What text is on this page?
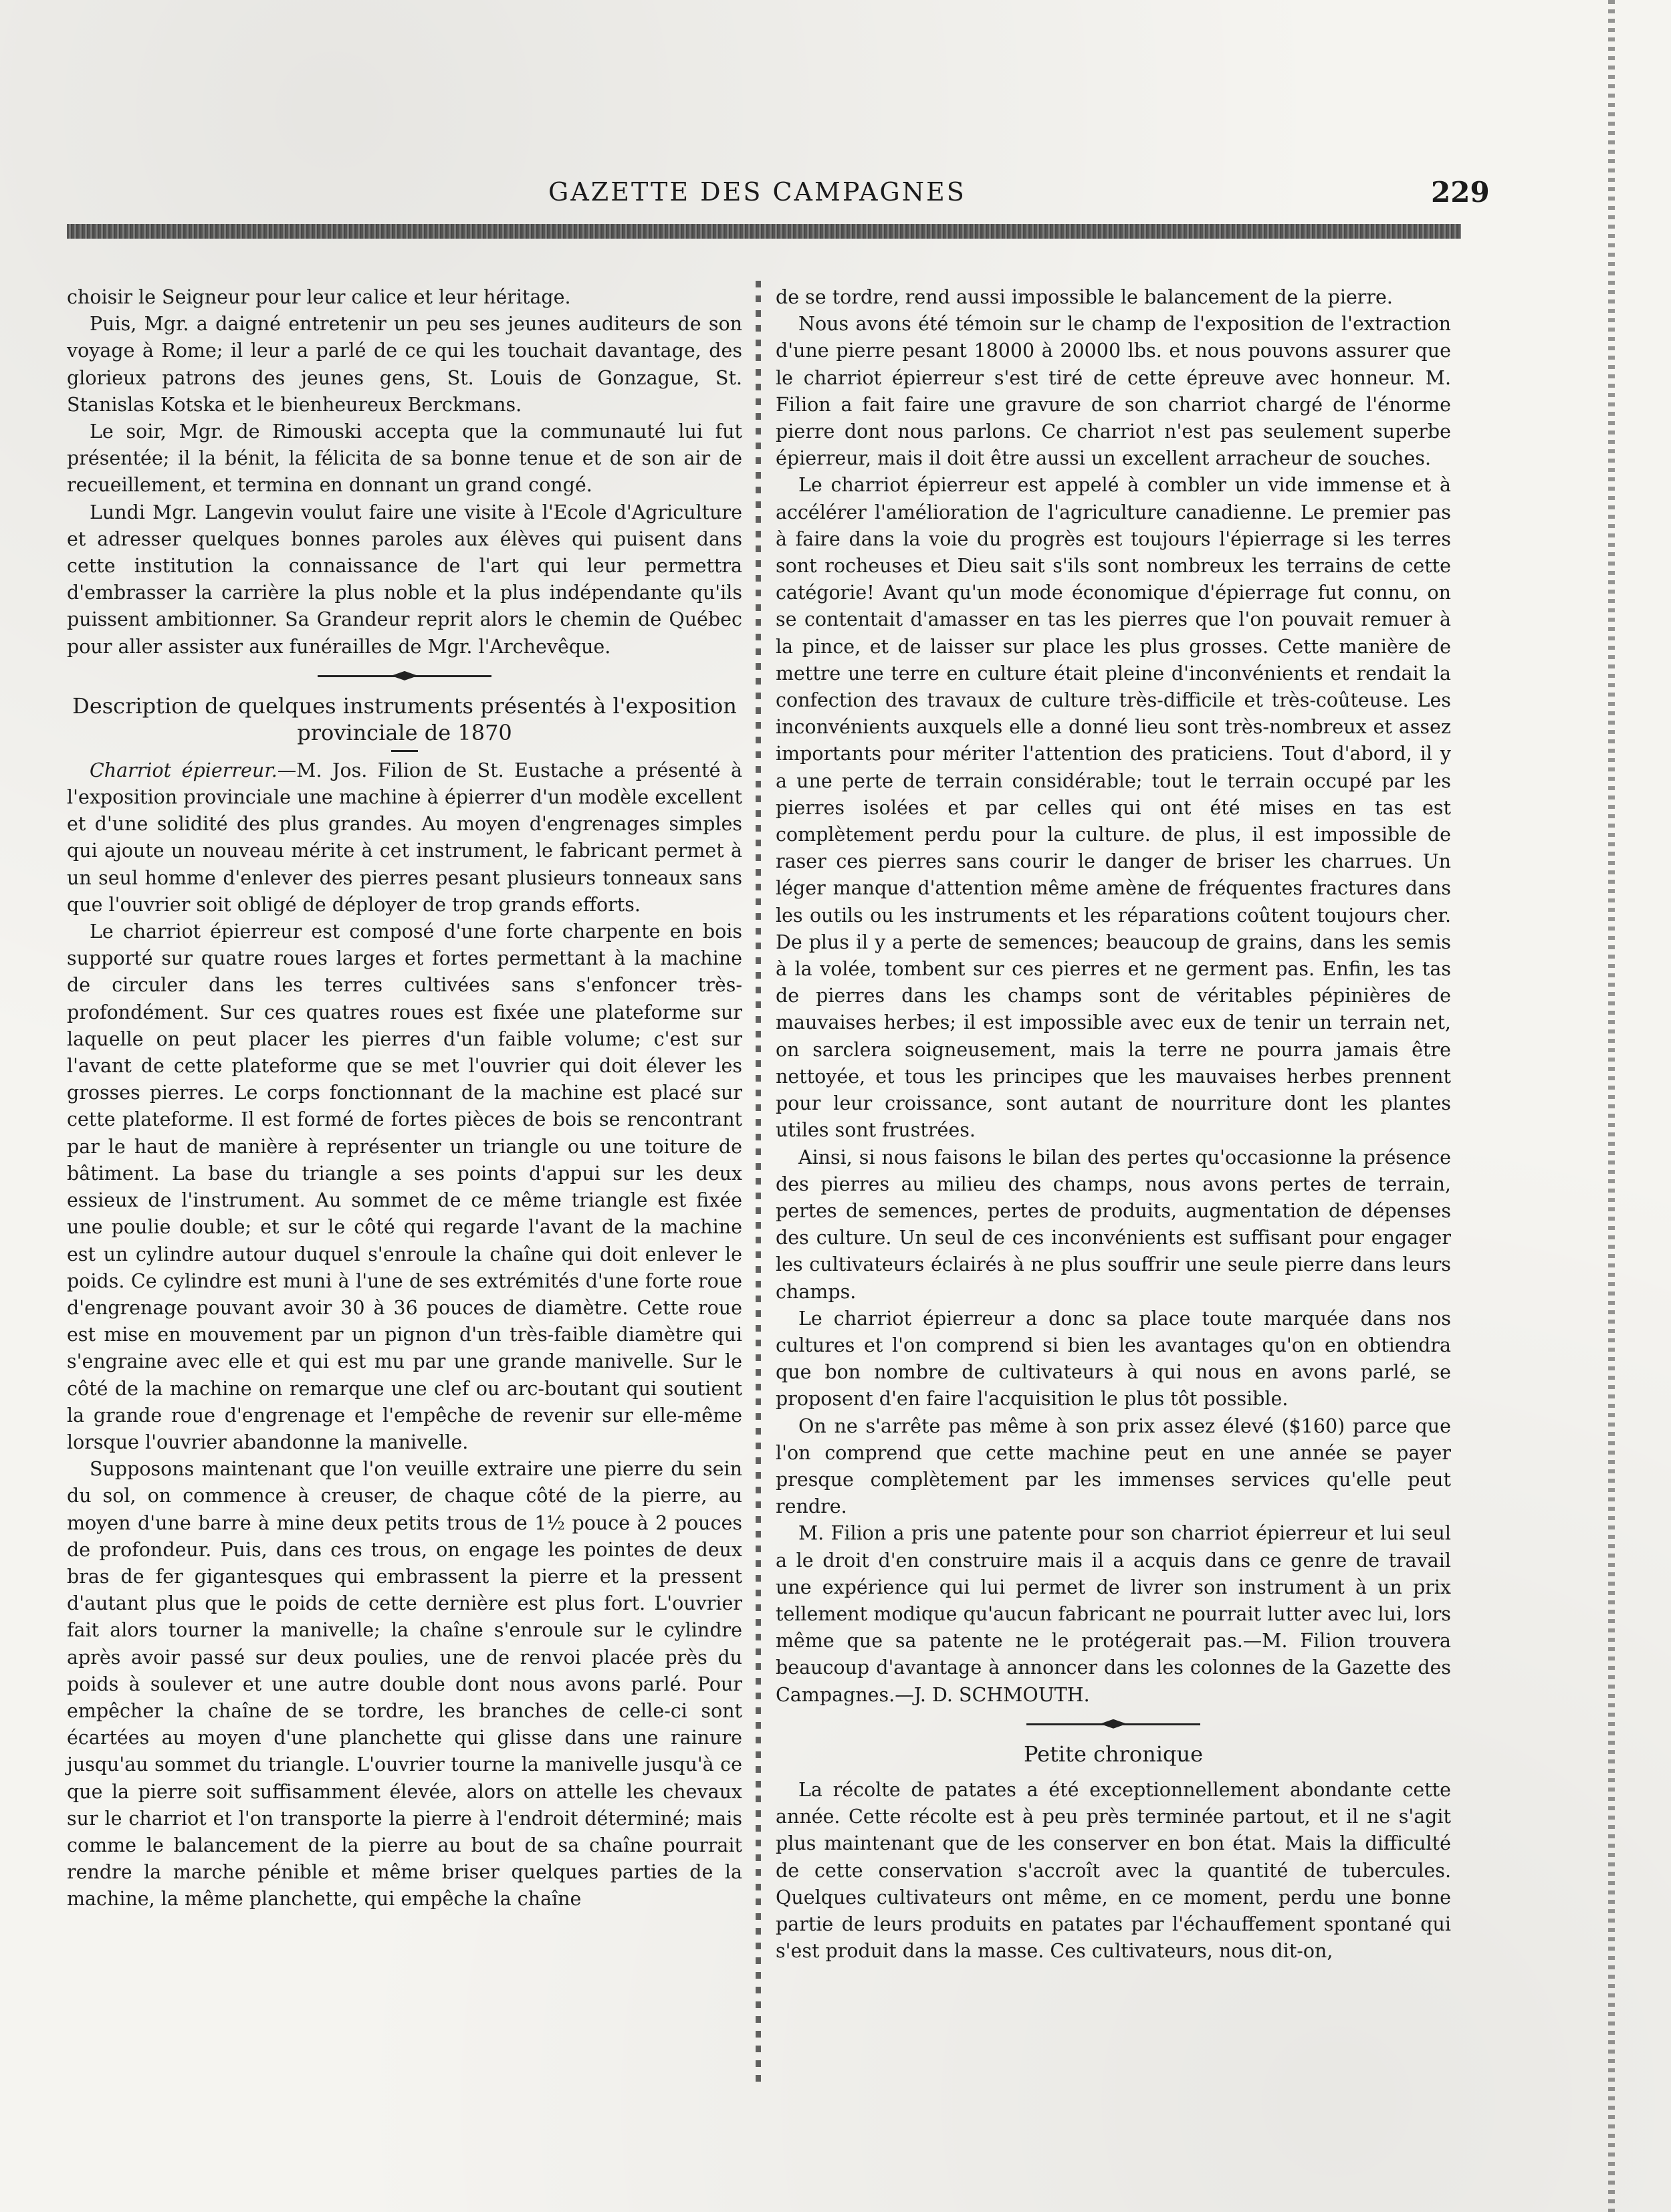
GAZETTE DES CAMPAGNES	229

choisir le Seigneur pour leur calice et leur héritage.

Puis, Mgr. a daigné entretenir un peu ses jeunes auditeurs de son voyage à Rome; il leur a parlé de ce qui les touchait davantage, des glorieux patrons des jeunes gens, St. Louis de Gonzague, St. Stanislas Kotska et le bienheureux Berckmans.

Le soir, Mgr. de Rimouski accepta que la communauté lui fut présentée; il la bénit, la félicita de sa bonne tenue et de son air de recueillement, et termina en donnant un grand congé.

Lundi Mgr. Langevin voulut faire une visite à l'Ecole d'Agriculture et adresser quelques bonnes paroles aux élèves qui puisent dans cette institution la connaissance de l'art qui leur permettra d'embrasser la carrière la plus noble et la plus indépendante qu'ils puissent ambitionner. Sa Grandeur reprit alors le chemin de Québec pour aller assister aux funérailles de Mgr. l'Archevêque.

Description de quelques instruments présentés à l'exposition provinciale de 1870

Charriot épierreur.—M. Jos. Filion de St. Eustache a présenté à l'exposition provinciale une machine à épierrer d'un modèle excellent et d'une solidité des plus grandes. Au moyen d'engrenages simples qui ajoute un nouveau mérite à cet instrument, le fabricant permet à un seul homme d'enlever des pierres pesant plusieurs tonneaux sans que l'ouvrier soit obligé de déployer de trop grands efforts.

Le charriot épierreur est composé d'une forte charpente en bois supporté sur quatre roues larges et fortes permettant à la machine de circuler dans les terres cultivées sans s'enfoncer très-profondément. Sur ces quatres roues est fixée une plateforme sur laquelle on peut placer les pierres d'un faible volume; c'est sur l'avant de cette plateforme que se met l'ouvrier qui doit élever les grosses pierres. Le corps fonctionnant de la machine est placé sur cette plateforme. Il est formé de fortes pièces de bois se rencontrant par le haut de manière à représenter un triangle ou une toiture de bâtiment. La base du triangle a ses points d'appui sur les deux essieux de l'instrument. Au sommet de ce même triangle est fixée une poulie double; et sur le côté qui regarde l'avant de la machine est un cylindre autour duquel s'enroule la chaîne qui doit enlever le poids. Ce cylindre est muni à l'une de ses extrémités d'une forte roue d'engrenage pouvant avoir 30 à 36 pouces de diamètre. Cette roue est mise en mouvement par un pignon d'un très-faible diamètre qui s'engraine avec elle et qui est mu par une grande manivelle. Sur le côté de la machine on remarque une clef ou arc-boutant qui soutient la grande roue d'engrenage et l'empêche de revenir sur elle-même lorsque l'ouvrier abandonne la manivelle.

Supposons maintenant que l'on veuille extraire une pierre du sein du sol, on commence à creuser, de chaque côté de la pierre, au moyen d'une barre à mine deux petits trous de 1½ pouce à 2 pouces de profondeur. Puis, dans ces trous, on engage les pointes de deux bras de fer gigantesques qui embrassent la pierre et la pressent d'autant plus que le poids de cette dernière est plus fort. L'ouvrier fait alors tourner la manivelle; la chaîne s'enroule sur le cylindre après avoir passé sur deux poulies, une de renvoi placée près du poids à soulever et une autre double dont nous avons parlé. Pour empêcher la chaîne de se tordre, les branches de celle-ci sont écartées au moyen d'une planchette qui glisse dans une rainure jusqu'au sommet du triangle. L'ouvrier tourne la manivelle jusqu'à ce que la pierre soit suffisamment élevée, alors on attelle les chevaux sur le charriot et l'on transporte la pierre à l'endroit déterminé; mais comme le balancement de la pierre au bout de sa chaîne pourrait rendre la marche pénible et même briser quelques parties de la machine, la même planchette, qui empêche la chaîne

de se tordre, rend aussi impossible le balancement de la pierre.

Nous avons été témoin sur le champ de l'exposition de l'extraction d'une pierre pesant 18000 à 20000 lbs. et nous pouvons assurer que le charriot épierreur s'est tiré de cette épreuve avec honneur. M. Filion a fait faire une gravure de son charriot chargé de l'énorme pierre dont nous parlons. Ce charriot n'est pas seulement superbe épierreur, mais il doit être aussi un excellent arracheur de souches.

Le charriot épierreur est appelé à combler un vide immense et à accélérer l'amélioration de l'agriculture canadienne. Le premier pas à faire dans la voie du progrès est toujours l'épierrage si les terres sont rocheuses et Dieu sait s'ils sont nombreux les terrains de cette catégorie! Avant qu'un mode économique d'épierrage fut connu, on se contentait d'amasser en tas les pierres que l'on pouvait remuer à la pince, et de laisser sur place les plus grosses. Cette manière de mettre une terre en culture était pleine d'inconvénients et rendait la confection des travaux de culture très-difficile et très-coûteuse. Les inconvénients auxquels elle a donné lieu sont très-nombreux et assez importants pour mériter l'attention des praticiens. Tout d'abord, il y a une perte de terrain considérable; tout le terrain occupé par les pierres isolées et par celles qui ont été mises en tas est complètement perdu pour la culture. de plus, il est impossible de raser ces pierres sans courir le danger de briser les charrues. Un léger manque d'attention même amène de fréquentes fractures dans les outils ou les instruments et les réparations coûtent toujours cher. De plus il y a perte de semences; beaucoup de grains, dans les semis à la volée, tombent sur ces pierres et ne germent pas. Enfin, les tas de pierres dans les champs sont de véritables pépinières de mauvaises herbes; il est impossible avec eux de tenir un terrain net, on sarclera soigneusement, mais la terre ne pourra jamais être nettoyée, et tous les principes que les mauvaises herbes prennent pour leur croissance, sont autant de nourriture dont les plantes utiles sont frustrées.

Ainsi, si nous faisons le bilan des pertes qu'occasionne la présence des pierres au milieu des champs, nous avons pertes de terrain, pertes de semences, pertes de produits, augmentation de dépenses des culture. Un seul de ces inconvénients est suffisant pour engager les cultivateurs éclairés à ne plus souffrir une seule pierre dans leurs champs.

Le charriot épierreur a donc sa place toute marquée dans nos cultures et l'on comprend si bien les avantages qu'on en obtiendra que bon nombre de cultivateurs à qui nous en avons parlé, se proposent d'en faire l'acquisition le plus tôt possible.

On ne s'arrête pas même à son prix assez élevé ($160) parce que l'on comprend que cette machine peut en une année se payer presque complètement par les immenses services qu'elle peut rendre.

M. Filion a pris une patente pour son charriot épierreur et lui seul a le droit d'en construire mais il a acquis dans ce genre de travail une expérience qui lui permet de livrer son instrument à un prix tellement modique qu'aucun fabricant ne pourrait lutter avec lui, lors même que sa patente ne le protégerait pas.—M. Filion trouvera beaucoup d'avantage à annoncer dans les colonnes de la Gazette des Campagnes.—J. D. SCHMOUTH.

Petite chronique

La récolte de patates a été exceptionnellement abondante cette année. Cette récolte est à peu près terminée partout, et il ne s'agit plus maintenant que de les conserver en bon état. Mais la difficulté de cette conservation s'accroît avec la quantité de tubercules. Quelques cultivateurs ont même, en ce moment, perdu une bonne partie de leurs produits en patates par l'échauffement spontané qui s'est produit dans la masse. Ces cultivateurs, nous dit-on,
